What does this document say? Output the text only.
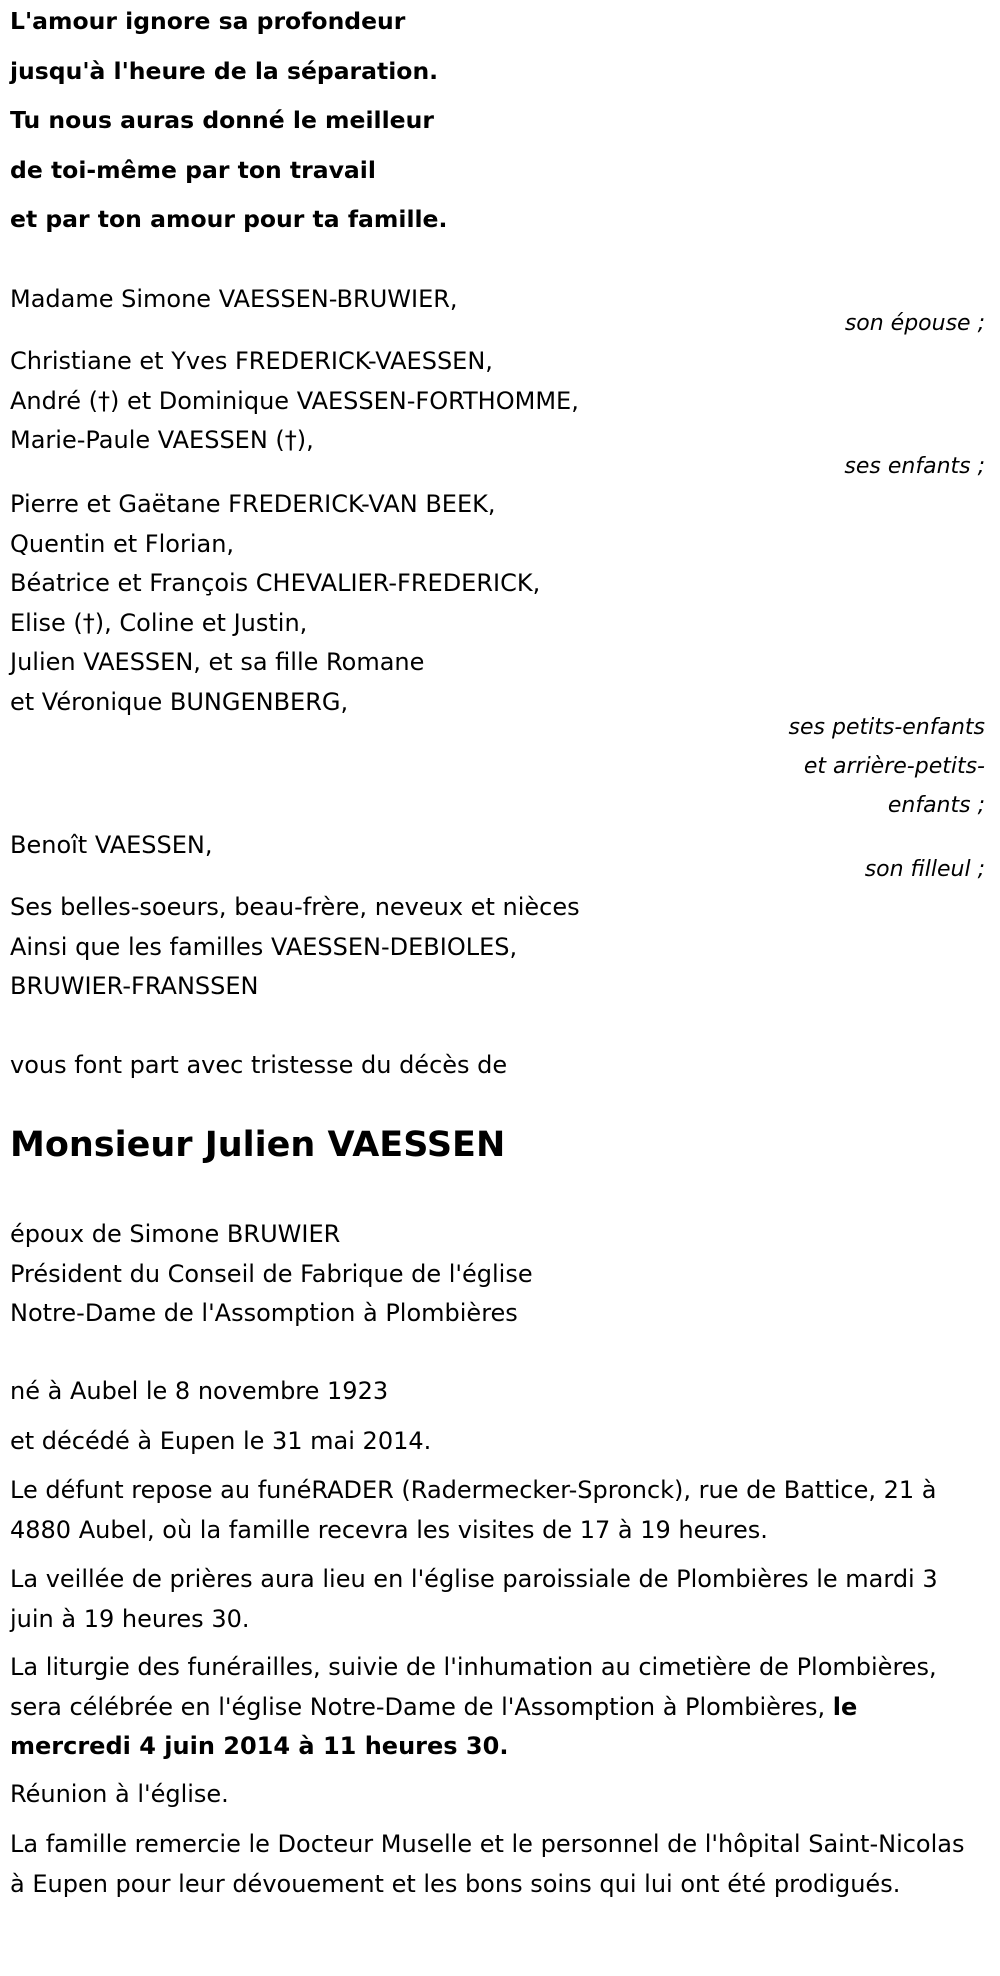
L'amour ignore sa profondeur
jusqu'à l'heure de la séparation.
Tu nous auras donné le meilleur
de toi-même par ton travail
et par ton amour pour ta famille.
Madame Simone VAESSEN-BRUWIER,
son épouse ;
Christiane et Yves FREDERICK-VAESSEN,
André (†) et Dominique VAESSEN-FORTHOMME,
Marie-Paule VAESSEN (†),
ses enfants ;
Pierre et Gaëtane FREDERICK-VAN BEEK,
Quentin et Florian,
Béatrice et François CHEVALIER-FREDERICK,
Elise (†), Coline et Justin,
Julien VAESSEN, et sa fille Romane
et Véronique BUNGENBERG,
ses petits-enfants
et arrière-petits-
enfants ;
Benoît VAESSEN,
son filleul ;
Ses belles-soeurs, beau-frère, neveux et nièces
Ainsi que les familles VAESSEN-DEBIOLES,
BRUWIER-FRANSSEN
vous font part avec tristesse du décès de
Monsieur Julien VAESSEN
époux de Simone BRUWIER
Président du Conseil de Fabrique de l'église
Notre-Dame de l'Assomption à Plombières
né à Aubel le 8 novembre 1923
et décédé à Eupen le 31 mai 2014.
Le défunt repose au funéRADER (Radermecker-Spronck), rue de Battice, 21 à 4880 Aubel, où la famille recevra les visites de 17 à 19 heures.
La veillée de prières aura lieu en l'église paroissiale de Plombières le mardi 3 juin à 19 heures 30.
La liturgie des funérailles, suivie de l'inhumation au cimetière de Plombières, sera célébrée en l'église Notre-Dame de l'Assomption à Plombières, le mercredi 4 juin 2014 à 11 heures 30.
Réunion à l'église.
La famille remercie le Docteur Muselle et le personnel de l'hôpital Saint-Nicolas à Eupen pour leur dévouement et les bons soins qui lui ont été prodigués.
